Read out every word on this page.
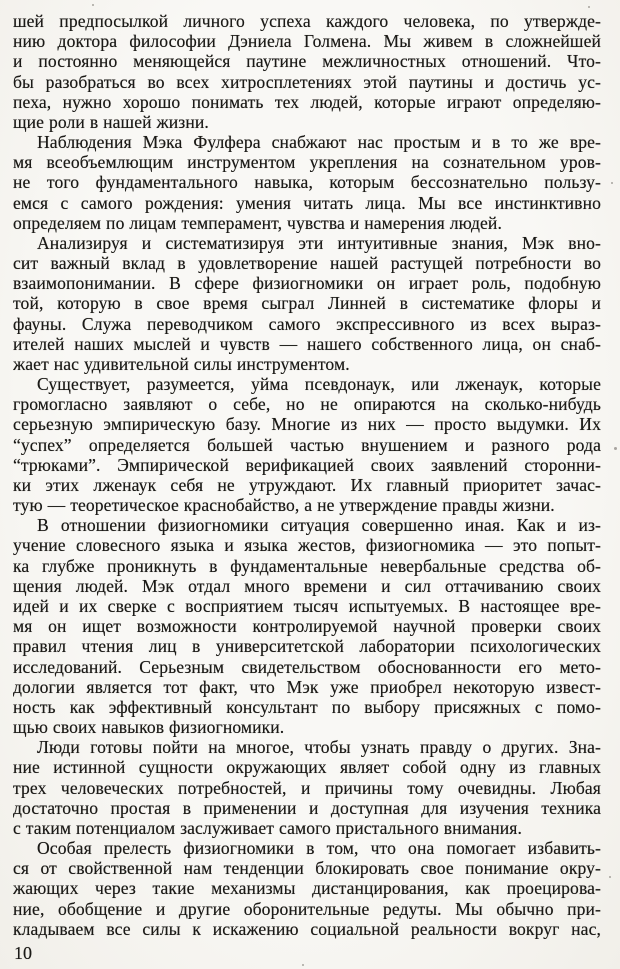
шей предпосылкой личного успеха каждого человека, по утвержде-
нию доктора философии Дэниела Голмена. Мы живем в сложнейшей
и постоянно меняющейся паутине межличностных отношений. Что-
бы разобраться во всех хитросплетениях этой паутины и достичь ус-
пеха, нужно хорошо понимать тех людей, которые играют определяю-
щие роли в нашей жизни.
Наблюдения Мэка Фулфера снабжают нас простым и в то же вре-
мя всеобъемлющим инструментом укрепления на сознательном уров-
не того фундаментального навыка, которым бессознательно пользу-
емся с самого рождения: умения читать лица. Мы все инстинктивно
определяем по лицам темперамент, чувства и намерения людей.
Анализируя и систематизируя эти интуитивные знания, Мэк вно-
сит важный вклад в удовлетворение нашей растущей потребности во
взаимопонимании. В сфере физиогномики он играет роль, подобную
той, которую в свое время сыграл Линней в систематике флоры и
фауны. Служа переводчиком самого экспрессивного из всех выраз-
ителей наших мыслей и чувств — нашего собственного лица, он снаб-
жает нас удивительной силы инструментом.
Существует, разумеется, уйма псевдонаук, или лженаук, которые
громогласно заявляют о себе, но не опираются на сколько-нибудь
серьезную эмпирическую базу. Многие из них — просто выдумки. Их
“успех” определяется большей частью внушением и разного рода
“трюками”. Эмпирической верификацией своих заявлений сторонни-
ки этих лженаук себя не утруждают. Их главный приоритет зачас-
тую — теоретическое краснобайство, а не утверждение правды жизни.
В отношении физиогномики ситуация совершенно иная. Как и из-
учение словесного языка и языка жестов, физиогномика — это попыт-
ка глубже проникнуть в фундаментальные невербальные средства об-
щения людей. Мэк отдал много времени и сил оттачиванию своих
идей и их сверке с восприятием тысяч испытуемых. В настоящее вре-
мя он ищет возможности контролируемой научной проверки своих
правил чтения лиц в университетской лаборатории психологических
исследований. Серьезным свидетельством обоснованности его мето-
дологии является тот факт, что Мэк уже приобрел некоторую извест-
ность как эффективный консультант по выбору присяжных с помо-
щью своих навыков физиогномики.
Люди готовы пойти на многое, чтобы узнать правду о других. Зна-
ние истинной сущности окружающих являет собой одну из главных
трех человеческих потребностей, и причины тому очевидны. Любая
достаточно простая в применении и доступная для изучения техника
с таким потенциалом заслуживает самого пристального внимания.
Особая прелесть физиогномики в том, что она помогает избавить-
ся от свойственной нам тенденции блокировать свое понимание окру-
жающих через такие механизмы дистанцирования, как проецирова-
ние, обобщение и другие оборонительные редуты. Мы обычно при-
кладываем все силы к искажению социальной реальности вокруг нас,
10
